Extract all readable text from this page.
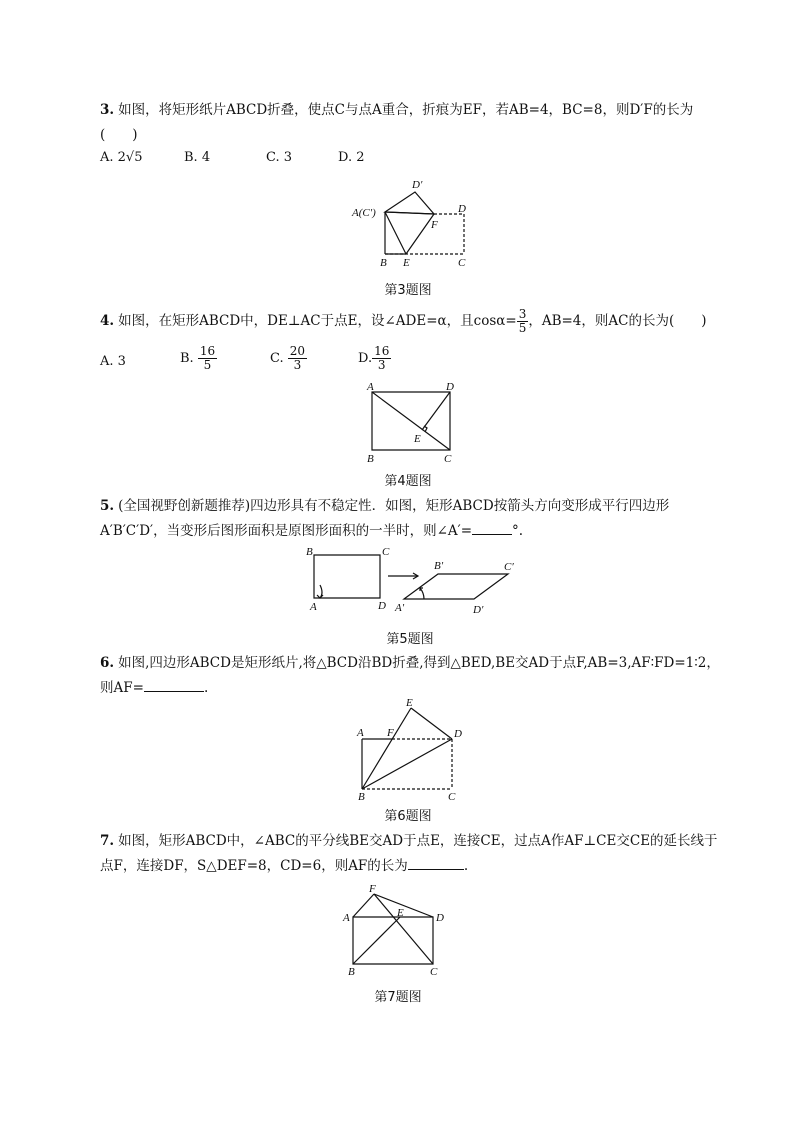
3. 如图，将矩形纸片ABCD折叠，使点C与点A重合，折痕为EF，若AB=4，BC=8，则D′F的长为(　　)
A. 2√5	B. 4	C. 3	D. 2
D′
A(C′)	D
F
B E	C
第3题图
4. 如图，在矩形ABCD中，DE⊥AC于点E，设∠ADE=α，且$\cos\alpha= \frac{3}{5}$ ，AB=4，则AC的长为(　　)
A. 3	B. $\frac{16}{5}$	C. $\frac{20}{3}$	D. $\frac{16}{3}$
A	D
E
B	C
第4题图
5. (全国视野创新题推荐)四边形具有不稳定性．如图，矩形ABCD按箭头方向变形成平行四边形A′B′C′D′，当变形后图形面积是原图形面积的一半时，则∠A′=	°.
B	C
A	D
B′	C′
A′	D′
第5题图
6. 如图,四边形ABCD是矩形纸片,将△BCD沿BD折叠,得到△BED,BE交AD于点F,AB=3,AF∶FD=1∶2，则AF=	.
E
A F	D
B	C
第6题图
7. 如图，矩形ABCD中，∠ABC的平分线BE交AD于点E，连接CE，过点A作AF⊥CE交CE的延长线于点F，连接DF，S△DEF=8，CD=6，则AF的长为	.
F
A	E	D
B	C
第7题图
